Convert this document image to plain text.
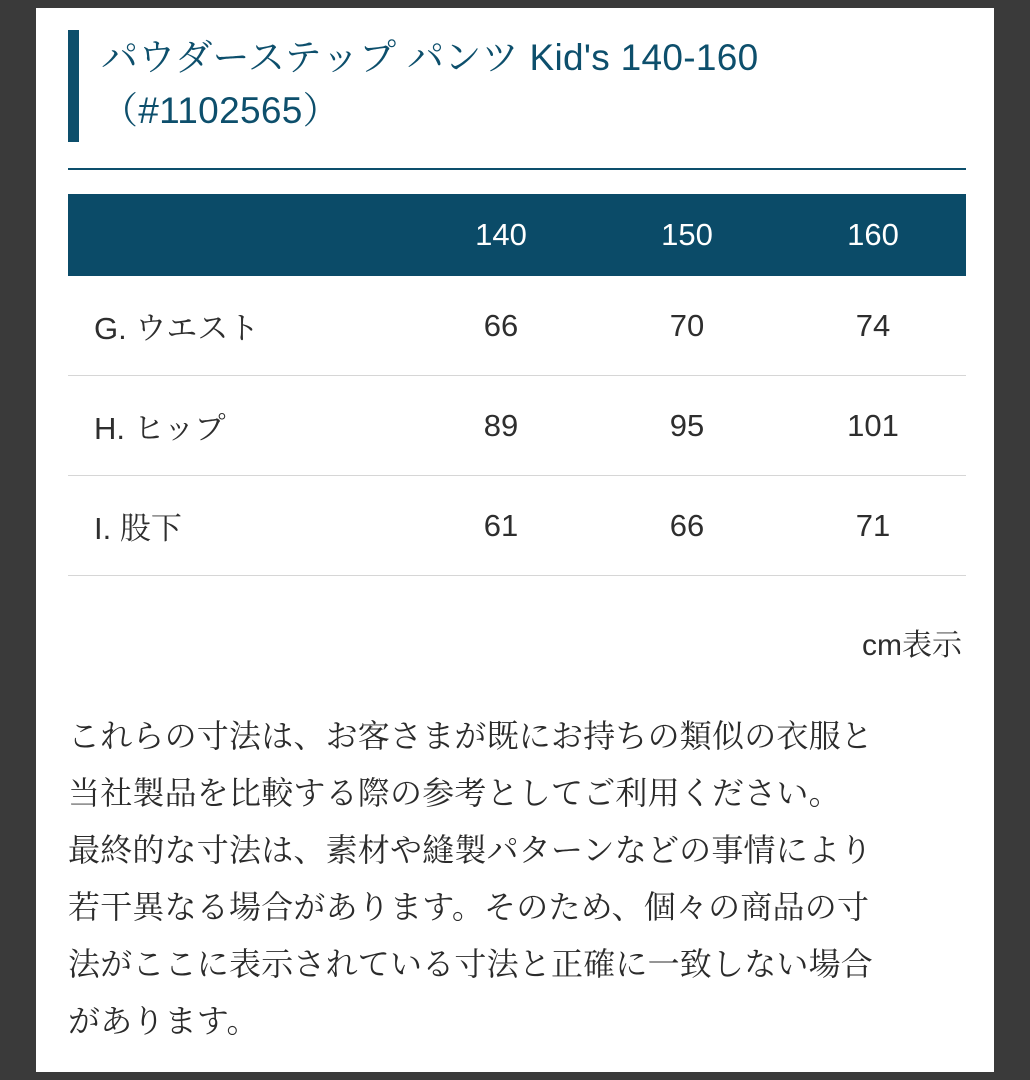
パウダーステップ パンツ Kid's 140-160
（#1102565）
	140	150	160
G. ウエスト	66	70	74
H. ヒップ	89	95	101
I. 股下	61	66	71
cm表示

これらの寸法は、お客さまが既にお持ちの類似の衣服と

当社製品を比較する際の参考としてご利用ください。

最終的な寸法は、素材や縫製パターンなどの事情により

若干異なる場合があります。そのため、個々の商品の寸

法がここに表示されている寸法と正確に一致しない場合

があります。
